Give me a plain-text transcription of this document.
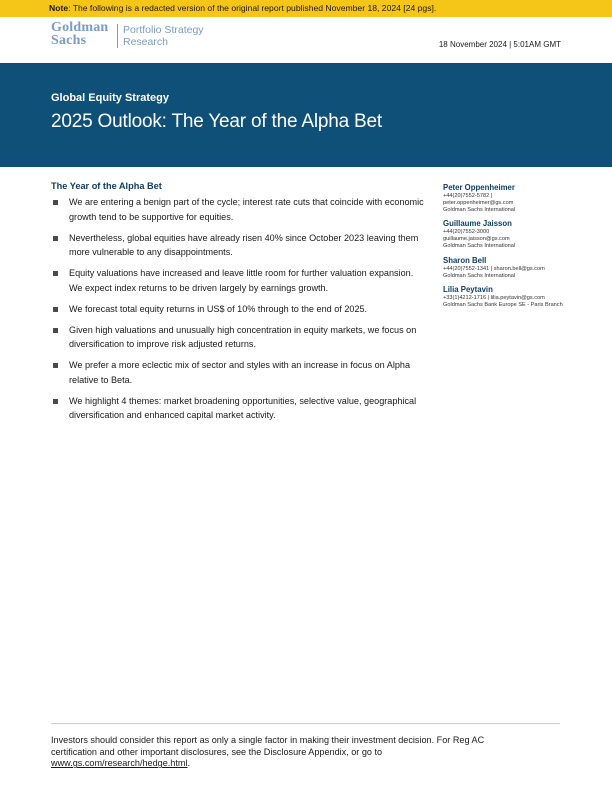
Note: The following is a redacted version of the original report published November 18, 2024 [24 pgs].
Goldman
Sachs
Portfolio Strategy
Research	18 November 2024 | 5:01AM GMT
Global Equity Strategy
2025 Outlook: The Year of the Alpha Bet
The Year of the Alpha Bet
We are entering a benign part of the cycle; interest rate cuts that coincide with economic growth tend to be supportive for equities.
Nevertheless, global equities have already risen 40% since October 2023 leaving them more vulnerable to any disappointments.
Equity valuations have increased and leave little room for further valuation expansion. We expect index returns to be driven largely by earnings growth.
We forecast total equity returns in US$ of 10% through to the end of 2025.
Given high valuations and unusually high concentration in equity markets, we focus on diversification to improve risk adjusted returns.
We prefer a more eclectic mix of sector and styles with an increase in focus on Alpha relative to Beta.
We highlight 4 themes: market broadening opportunities, selective value, geographical diversification and enhanced capital market activity.
Peter Oppenheimer
+44(20)7552-5782 |
peter.oppenheimer@gs.com
Goldman Sachs International
Guillaume Jaisson
+44(20)7552-3000
guillaume.jaisson@gs.com
Goldman Sachs International
Sharon Bell
+44(20)7552-1341 | sharon.bell@gs.com
Goldman Sachs International
Lilia Peytavin
+33(1)4212-1716 | lilia.peytavin@gs.com
Goldman Sachs Bank Europe SE - Paris Branch
Investors should consider this report as only a single factor in making their investment decision. For Reg AC certification and other important disclosures, see the Disclosure Appendix, or go to
www.gs.com/research/hedge.html.
